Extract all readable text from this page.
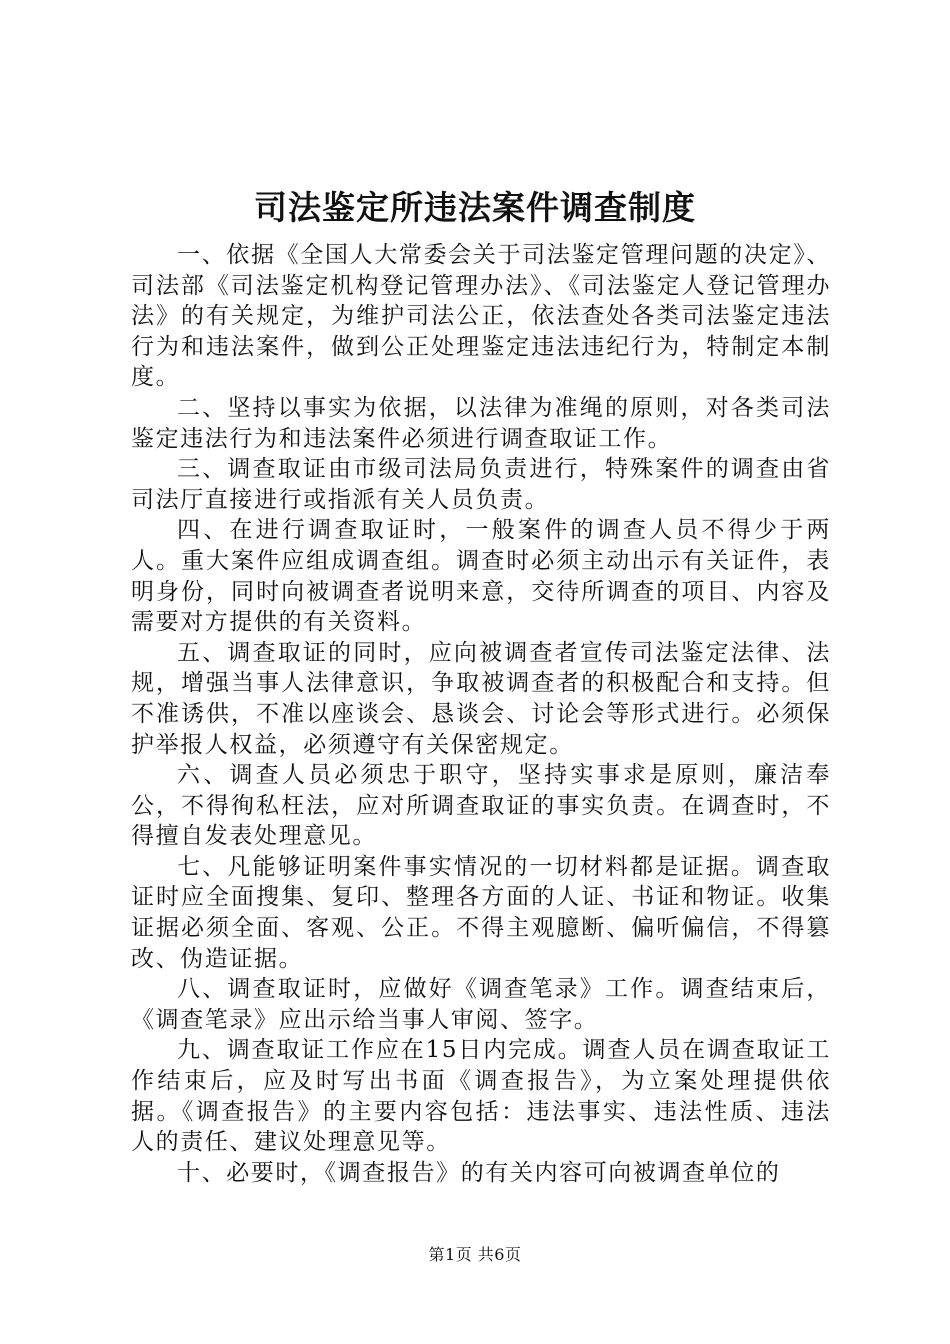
司法鉴定所违法案件调查制度

一、依据《全国人大常委会关于司法鉴定管理问题的决定》、司法部《司法鉴定机构登记管理办法》、《司法鉴定人登记管理办法》的有关规定，为维护司法公正，依法查处各类司法鉴定违法行为和违法案件，做到公正处理鉴定违法违纪行为，特制定本制度。

二、坚持以事实为依据，以法律为准绳的原则，对各类司法鉴定违法行为和违法案件必须进行调查取证工作。

三、调查取证由市级司法局负责进行，特殊案件的调查由省司法厅直接进行或指派有关人员负责。

四、在进行调查取证时，一般案件的调查人员不得少于两人。重大案件应组成调查组。调查时必须主动出示有关证件，表明身份，同时向被调查者说明来意，交待所调查的项目、内容及需要对方提供的有关资料。

五、调查取证的同时，应向被调查者宣传司法鉴定法律、法规，增强当事人法律意识，争取被调查者的积极配合和支持。但不准诱供，不准以座谈会、恳谈会、讨论会等形式进行。必须保护举报人权益，必须遵守有关保密规定。

六、调查人员必须忠于职守，坚持实事求是原则，廉洁奉公，不得徇私枉法，应对所调查取证的事实负责。在调查时，不得擅自发表处理意见。

七、凡能够证明案件事实情况的一切材料都是证据。调查取证时应全面搜集、复印、整理各方面的人证、书证和物证。收集证据必须全面、客观、公正。不得主观臆断、偏听偏信，不得篡改、伪造证据。

八、调查取证时，应做好《调查笔录》工作。调查结束后，《调查笔录》应出示给当事人审阅、签字。

九、调查取证工作应在15日内完成。调查人员在调查取证工作结束后，应及时写出书面《调查报告》，为立案处理提供依据。《调查报告》的主要内容包括：违法事实、违法性质、违法人的责任、建议处理意见等。

十、必要时，《调查报告》的有关内容可向被调查单位的

第1页 共6页
